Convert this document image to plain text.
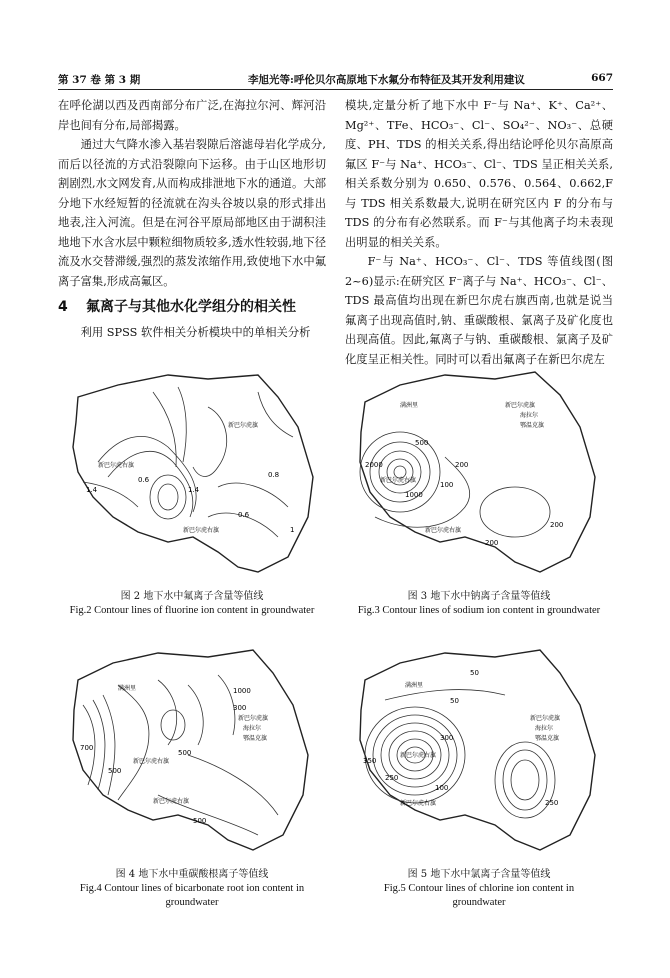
第 37 卷 第 3 期	李旭光等:呼伦贝尔高原地下水氟分布特征及其开发利用建议	667

在呼伦湖以西及西南部分布广泛,在海拉尔河、辉河沿岸也间有分布,局部揭露。

通过大气降水渗入基岩裂隙后溶滤母岩化学成分,而后以径流的方式沿裂隙向下运移。由于山区地形切割剧烈,水文网发育,从而构成排泄地下水的通道。大部分地下水经短暂的径流就在沟头谷坡以泉的形式排出地表,注入河流。但是在河谷平原局部地区由于湖积洼地地下水含水层中颗粒细物质较多,透水性较弱,地下径流及水交替滞缓,强烈的蒸发浓缩作用,致使地下水中氟离子富集,形成高氟区。

4 氟离子与其他水化学组分的相关性

利用 SPSS 软件相关分析模块中的单相关分析

模块,定量分析了地下水中 F⁻与 Na⁺、K⁺、Ca²⁺、Mg²⁺、TFe、HCO₃⁻、Cl⁻、SO₄²⁻、NO₃⁻、总硬度、PH、TDS 的相关关系,得出结论呼伦贝尔高原高氟区 F⁻与 Na⁺、HCO₃⁻、Cl⁻、TDS 呈正相关关系,相关系数分别为 0.650、0.576、0.564、0.662,F 与 TDS 相关系数最大,说明在研究区内 F 的分布与 TDS 的分布有必然联系。而 F⁻与其他离子均未表现出明显的相关关系。

F⁻与 Na⁺、HCO₃⁻、Cl⁻、TDS 等值线图(图 2~6)显示:在研究区 F⁻离子与 Na⁺、HCO₃⁻、Cl⁻、TDS 最高值均出现在新巴尔虎右旗西南,也就是说当氟离子出现高值时,钠、重碳酸根、氯离子及矿化度也出现高值。因此,氟离子与钠、重碳酸根、氯离子及矿化度呈正相关性。同时可以看出氟离子在新巴尔虎左

新巴尔虎旗
新巴尔虎右旗
新巴尔虎右旗
1.4
0.6
0.8
0.6
1.4
1
图 2 地下水中氟离子含量等值线
Fig.2 Contour lines of fluorine ion content in groundwater
满洲里	新巴尔虎旗
海拉尔
鄂温克旗
新巴尔虎右旗
新巴尔虎右旗
2000
500
200
100
1000
200
200
图 3 地下水中钠离子含量等值线
Fig.3 Contour lines of sodium ion content in groundwater
满洲里
新巴尔虎旗
海拉尔
鄂温克旗
新巴尔虎右旗
新巴尔虎右旗
700
500
1000
300
500
500
图 4 地下水中重碳酸根离子等值线
Fig.4 Contour lines of bicarbonate root ion content in
groundwater
满洲里
新巴尔虎旗
海拉尔
鄂温克旗
新巴尔虎右旗
新巴尔虎右旗
50
350
300
250
100
250
50
图 5 地下水中氯离子含量等值线
Fig.5 Contour lines of chlorine ion content in
groundwater
